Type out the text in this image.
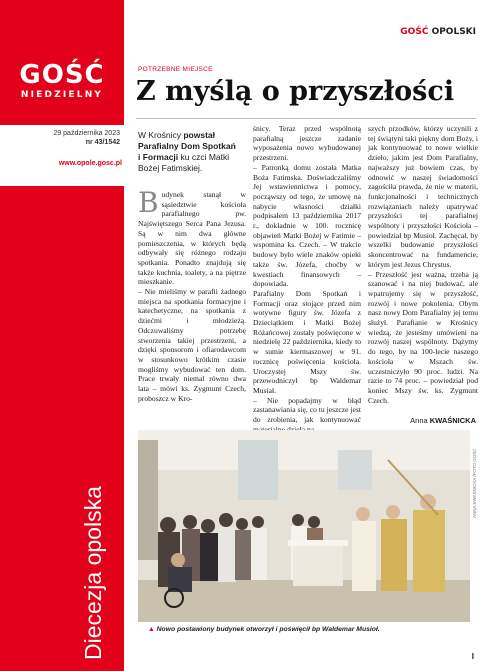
GOŚĆ
NIEDZIELNY
29 października 2023
nr 43/1542
www.opole.gosc.pl
Diecezja opolska
GOŚĆ OPOLSKI
POTRZEBNE MIEJSCE
Z myślą o przyszłości
W Krośnicy powstał Parafialny Dom Spotkań i Formacji ku czci Matki Bożej Fatimskiej.

Budynek stanął w sąsiedztwie kościoła parafialnego pw. Najświętszego Serca Pana Jezusa. Są w nim dwa główne pomieszczenia, w których będą odbywały się różnego rodzaju spotkania. Ponadto znajdują się także kuchnia, toalety, a na piętrze mieszkanie.

– Nie mieliśmy w parafii żadnego miejsca na spotkania formacyjne i katechetyczne, na spotkania z dziećmi i młodzieżą. Odczuwaliśmy potrzebę stworzenia takiej przestrzeni, a dzięki sponsorom i ofiarodawcom w stosunkowo krótkim czasie mogliśmy wybudować ten dom. Prace trwały niemal równo dwa lata – mówi ks. Zygmunt Czech, proboszcz w Kro-

śnicy. Teraz przed wspólnotą parafialną jeszcze zadanie wyposażenia nowo wybudowanej przestrzeni.

– Patronką domu została Matka Boża Fatimska. Doświadczaliśmy Jej wstawiennictwa i pomocy, począwszy od tego, że umowę na nabycie własności działki podpisałem 13 października 2017 r., dokładnie w 100. rocznicę objawień Matki Bożej w Fatimie – wspomina ks. Czech. – W trakcie budowy było wiele znaków opieki także św. Józefa, choćby w kwestiach finansowych – dopowiada.

Parafialny Dom Spotkań i Formacji oraz stojące przed nim wotywne figury św. Józefa z Dzieciątkiem i Matki Bożej Różańcowej zostały poświęcone w niedzielę 22 października, kiedy to w sumie kiermaszowej w 91. rocznicę poświęcenia kościoła. Uroczystej Mszy św. przewodniczył bp Waldemar Musiał.

– Nie popadajmy w błąd zastanawiania się, co tu jeszcze jest do zrobienia, jak kontynuować

szych przodków, którzy uczynili z tej świątyni taki piękny dom Boży, i jak kontynuować to nowe wielkie dzieło, jakim jest Dom Parafialny, najważszy już bowiem czas, by odnowić w naszej świadomości zagościła prawda, że nie w materii, funkcjonalności i technicznych rozwiązaniach należy upatrywać przyszłości tej parafialnej wspólnoty i przyszłości Kościoła – powiedział bp Musioł. Zachęcał, by wszelki budowanie przyszłości skoncentrować na fundamencie, którym jest Jezus Chrystus.

– Przeszłość jest ważna, trzeba ją szanować i na niej budować, ale wpatrujemy się w przyszłość, rozwój i nowe pokolenia. Obym nasz nowy Dom Parafialny jej temu służył. Parafianie w Krośnicy wiedzą, że jesteśmy umówieni na rozwój naszej wspólnoty. Dążymy do tego, by na 100-lecie naszego kościoła w Mszach św. uczestniczyło 90 proc. ludzi. Na razie to 74 proc. – powiedział pod koniec Mszy św. ks. Zygmunt Czech.

Anna KWAŚNICKA
ANNA KWAŚNICKA /FOTO GOŚĆ
▲ Nowo postawiony budynek otworzył i poświęcił bp Waldemar Musioł.
I
